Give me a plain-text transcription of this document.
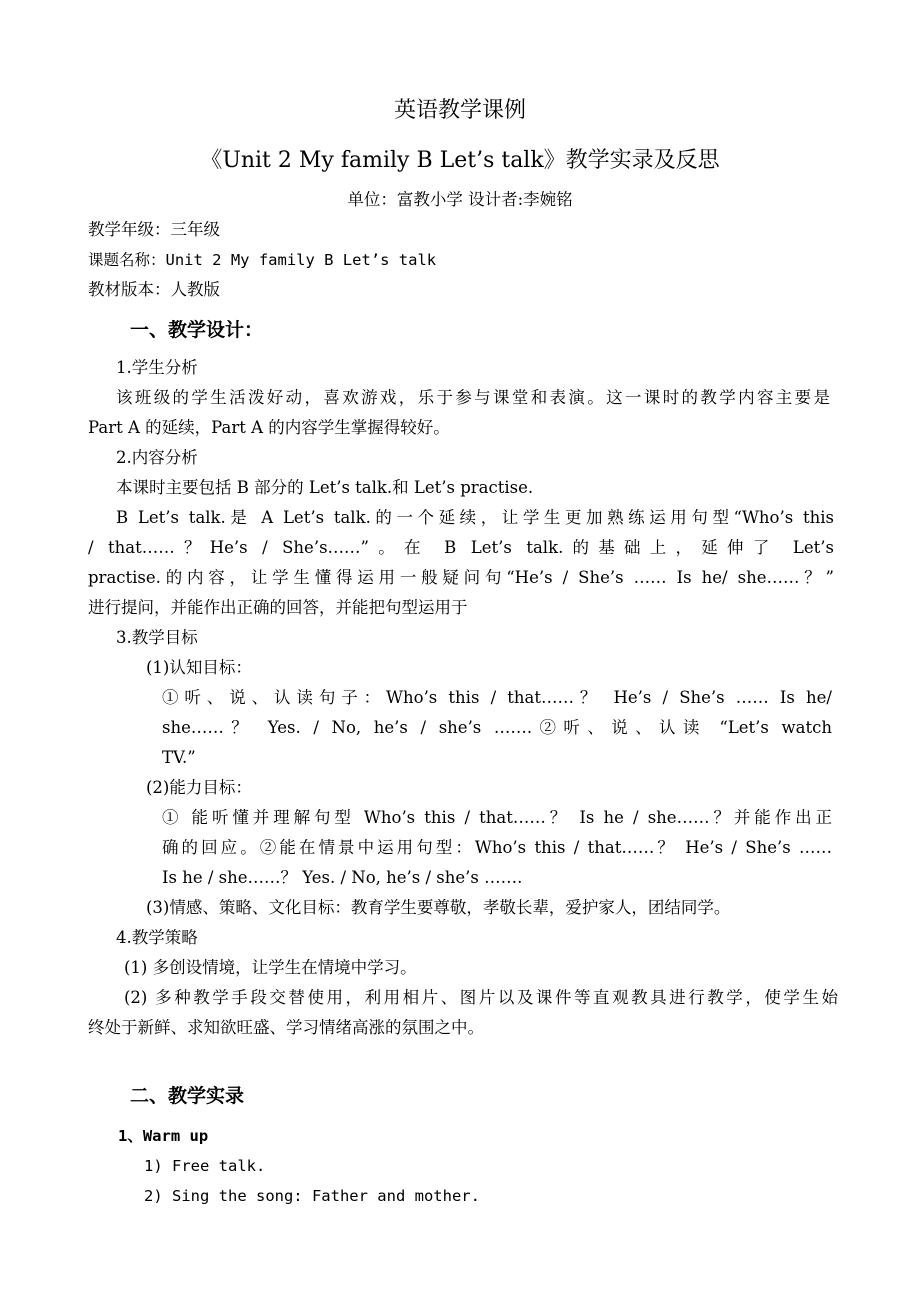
英语教学课例
《Unit 2 My family B Let’s talk》教学实录及反思
单位：富教小学 设计者:李婉铭
教学年级：三年级
课题名称：Unit 2 My family B Let’s talk
教材版本：人教版
一、教学设计：
1.学生分析
该班级的学生活泼好动，喜欢游戏，乐于参与课堂和表演。这一课时的教学内容主要是
Part A 的延续，Part A 的内容学生掌握得较好。
2.内容分析
本课时主要包括 B 部分的 Let’s talk.和 Let’s practise.
B Let’s talk.是 A Let’s talk.的一个延续，让学生更加熟练运用句型“Who’s this
/ that……？He’s / She’s……”。在 B Let’s talk.的基础上，延伸了 Let’s
practise.的内容，让学生懂得运用一般疑问句“He’s / She’s …… Is he/ she……？”
进行提问，并能作出正确的回答，并能把句型运用于
3.教学目标
(1)认知目标：
①听、说、认读句子：Who’s this / that……？ He’s / She’s …… Is he/
she……？ Yes. / No, he’s / she’s …….②听、说、认读 “Let’s watch
TV.”
(2)能力目标：
① 能听懂并理解句型 Who’s this / that……？ Is he / she……？并能作出正
确的回应。②能在情景中运用句型：Who’s this / that……？ He’s / She’s ……
Is he / she……？ Yes. / No, he’s / she’s …….
(3)情感、策略、文化目标：教育学生要尊敬，孝敬长辈，爱护家人，团结同学。
4.教学策略
(1) 多创设情境，让学生在情境中学习。
(2) 多种教学手段交替使用，利用相片、图片以及课件等直观教具进行教学，使学生始
终处于新鲜、求知欲旺盛、学习情绪高涨的氛围之中。
二、教学实录
1、Warm up
1) Free talk.
2) Sing the song: Father and mother.
